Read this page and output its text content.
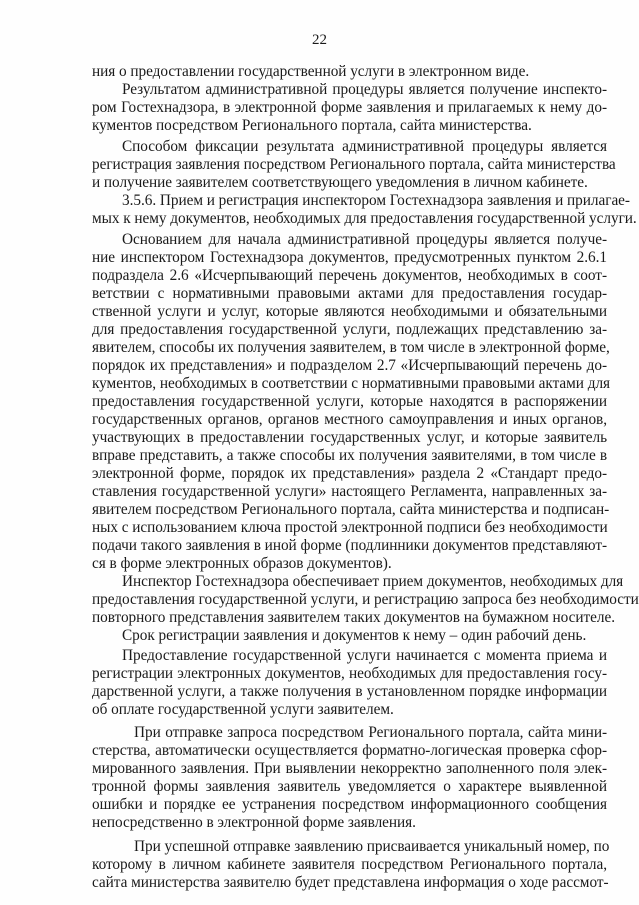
22
ния о предоставлении государственной услуги в электронном виде.
Результатом административной процедуры является получение инспекто-
ром Гостехнадзора, в электронной форме заявления и прилагаемых к нему до-
кументов посредством Регионального портала, сайта министерства.
Способом фиксации результата административной процедуры является
регистрация заявления посредством Регионального портала, сайта министерства
и получение заявителем соответствующего уведомления в личном кабинете.
3.5.6. Прием и регистрация инспектором Гостехнадзора заявления и прилагае-
мых к нему документов, необходимых для предоставления государственной услуги.
Основанием для начала административной процедуры является получе-
ние инспектором Гостехнадзора документов, предусмотренных пунктом 2.6.1
подраздела 2.6 «Исчерпывающий перечень документов, необходимых в соот-
ветствии с нормативными правовыми актами для предоставления государ-
ственной услуги и услуг, которые являются необходимыми и обязательными
для предоставления государственной услуги, подлежащих представлению за-
явителем, способы их получения заявителем, в том числе в электронной форме,
порядок их представления» и подразделом 2.7 «Исчерпывающий перечень до-
кументов, необходимых в соответствии с нормативными правовыми актами для
предоставления государственной услуги, которые находятся в распоряжении
государственных органов, органов местного самоуправления и иных органов,
участвующих в предоставлении государственных услуг, и которые заявитель
вправе представить, а также способы их получения заявителями, в том числе в
электронной форме, порядок их представления» раздела 2 «Стандарт предо-
ставления государственной услуги» настоящего Регламента, направленных за-
явителем посредством Регионального портала, сайта министерства и подписан-
ных с использованием ключа простой электронной подписи без необходимости
подачи такого заявления в иной форме (подлинники документов представляют-
ся в форме электронных образов документов).
Инспектор Гостехнадзора обеспечивает прием документов, необходимых для
предоставления государственной услуги, и регистрацию запроса без необходимости
повторного представления заявителем таких документов на бумажном носителе.
Срок регистрации заявления и документов к нему – один рабочий день.
Предоставление государственной услуги начинается с момента приема и
регистрации электронных документов, необходимых для предоставления госу-
дарственной услуги, а также получения в установленном порядке информации
об оплате государственной услуги заявителем.
При отправке запроса посредством Регионального портала, сайта мини-
стерства, автоматически осуществляется форматно-логическая проверка сфор-
мированного заявления. При выявлении некорректно заполненного поля элек-
тронной формы заявления заявитель уведомляется о характере выявленной
ошибки и порядке ее устранения посредством информационного сообщения
непосредственно в электронной форме заявления.
При успешной отправке заявлению присваивается уникальный номер, по
которому в личном кабинете заявителя посредством Регионального портала,
сайта министерства заявителю будет представлена информация о ходе рассмот-
